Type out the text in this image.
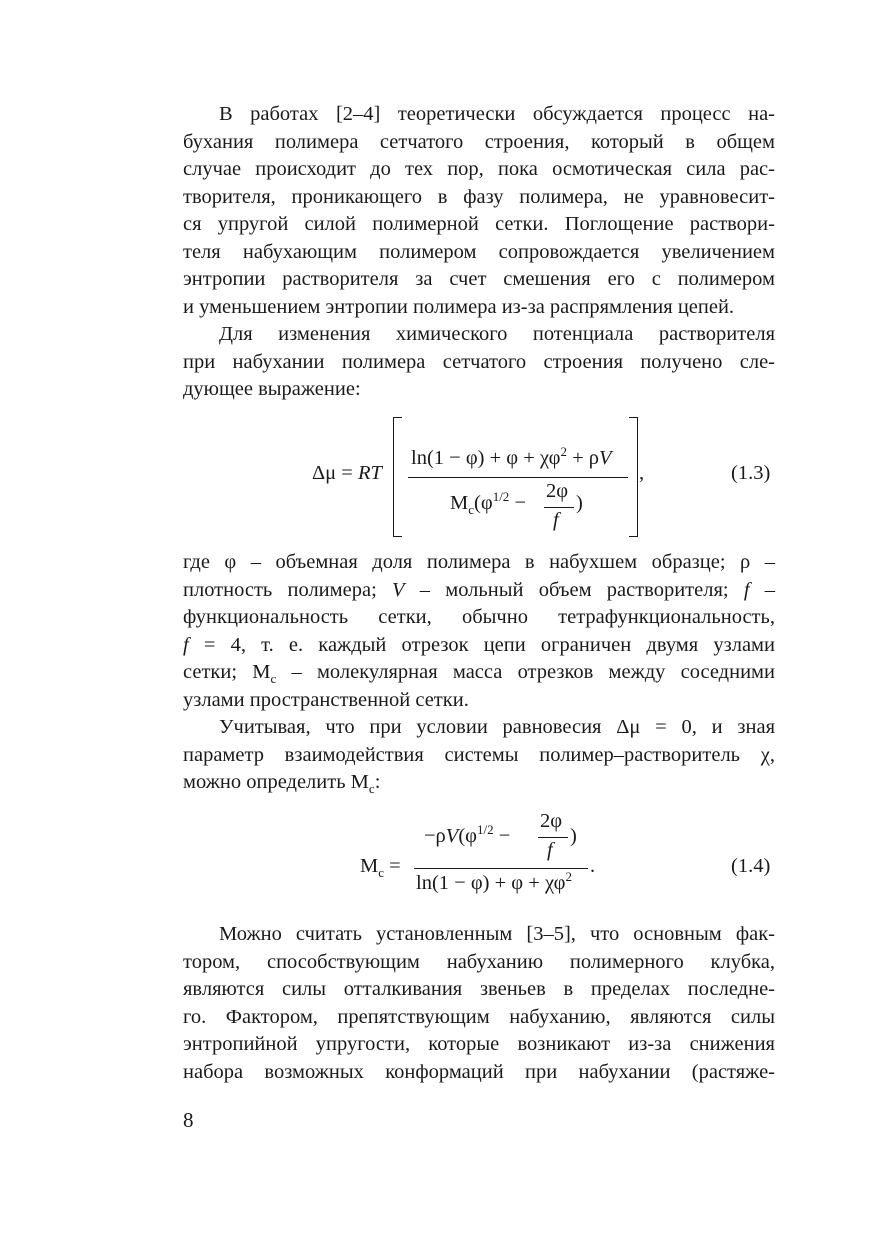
В работах [2–4] теоретически обсуждается процесс на-
бухания полимера сетчатого строения, который в общем
случае происходит до тех пор, пока осмотическая сила рас-
творителя, проникающего в фазу полимера, не уравновесит-
ся упругой силой полимерной сетки. Поглощение раствори-
теля набухающим полимером сопровождается увеличением
энтропии растворителя за счет смешения его с полимером
и уменьшением энтропии полимера из-за распрямления цепей.
Для изменения химического потенциала растворителя
при набухании полимера сетчатого строения получено сле-
дующее выражение:
Δμ = RT
$\ln(1 - \varphi) + \varphi + \chi\varphi^2 + \rho V$
$M_c(\varphi^{1/2}$ −
2φ
f
)
,	(1.3)
где φ – объемная доля полимера в набухшем образце; ρ –
плотность полимера; V – мольный объем растворителя; f –
функциональность сетки, обычно тетрафункциональность,
f = 4, т. е. каждый отрезок цепи ограничен двумя узлами
сетки; $M_c$ – молекулярная масса отрезков между соседними
узлами пространственной сетки.
Учитывая, что при условии равновесия Δμ = 0, и зная
параметр взаимодействия системы полимер–растворитель χ,
можно определить $M_c$:
$M_c$ =
$-\rho V(\varphi^{1/2}$ −
2φ
f
)
$\ln(1 - \varphi) + \varphi + \chi\varphi^2$ .	(1.4)
Можно считать установленным [3–5], что основным фак-
тором, способствующим набуханию полимерного клубка,
являются силы отталкивания звеньев в пределах последне-
го. Фактором, препятствующим набуханию, являются силы
энтропийной упругости, которые возникают из-за снижения
набора возможных конформаций при набухании (растяже-
8
